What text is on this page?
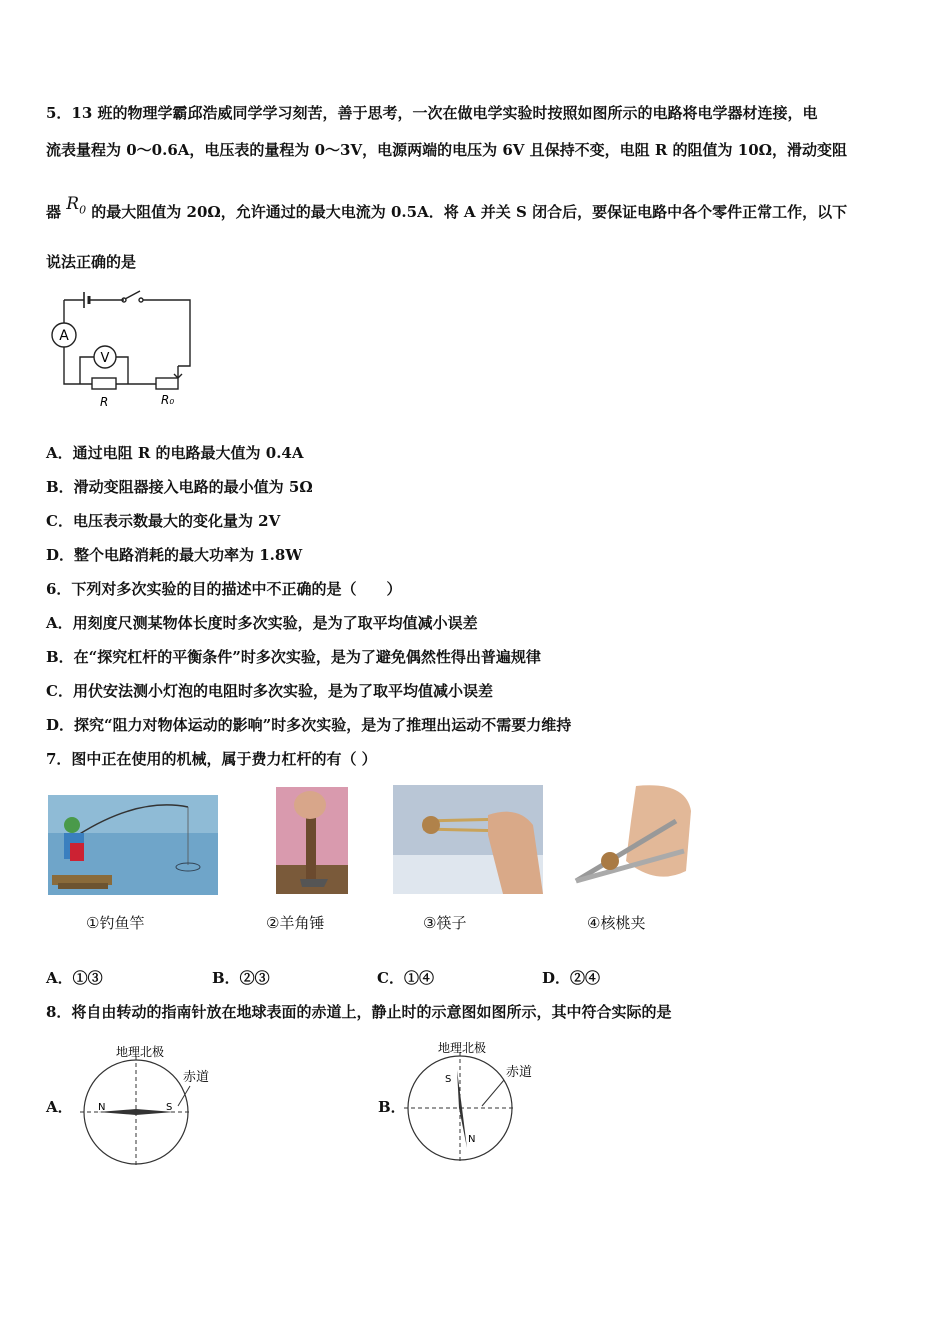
5．13 班的物理学霸邱浩威同学学习刻苦，善于思考，一次在做电学实验时按照如图所示的电路将电学器材连接，电
流表量程为 0～0.6A，电压表的量程为 0～3V，电源两端的电压为 6V 且保持不变，电阻 R 的阻值为 10Ω，滑动变阻
器 $R_0$ 的最大阻值为 20Ω，允许通过的最大电流为 0.5A．将 A 并关 S 闭合后，要保证电路中各个零件正常工作，以下
说法正确的是
A
V
R	R₀
A．通过电阻 R 的电路最大值为 0.4A
B．滑动变阻器接入电路的最小值为 5Ω
C．电压表示数最大的变化量为 2V
D．整个电路消耗的最大功率为 1.8W
6．下列对多次实验的目的描述中不正确的是（　　）
A．用刻度尺测某物体长度时多次实验，是为了取平均值减小误差
B．在“探究杠杆的平衡条件”时多次实验，是为了避免偶然性得出普遍规律
C．用伏安法测小灯泡的电阻时多次实验，是为了取平均值减小误差
D．探究“阻力对物体运动的影响”时多次实验，是为了推理出运动不需要力维持
7．图中正在使用的机械，属于费力杠杆的有（ ）
①钓鱼竿	②羊角锤	③筷子	④核桃夹
A．①③	B．②③	C．①④	D．②④
8．将自由转动的指南针放在地球表面的赤道上，静止时的示意图如图所示，其中符合实际的是
A．
地理北极
赤道
N	S	B．
地理北极
赤道
S
N
